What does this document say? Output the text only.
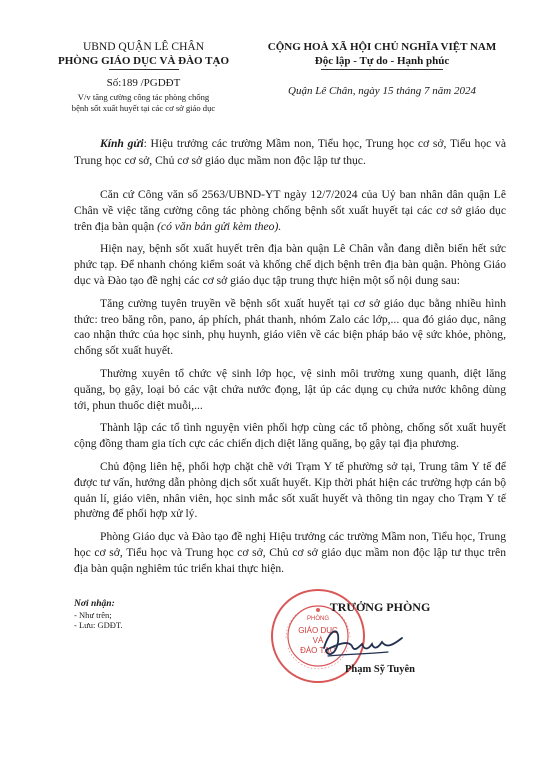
UBND QUẬN LÊ CHÂN
PHÒNG GIÁO DỤC VÀ ĐÀO TẠO
Số:189 /PGDĐT
V/v tăng cường công tác phòng chống
bệnh sốt xuất huyết tại các cơ sở giáo dục
CỘNG HOÀ XÃ HỘI CHỦ NGHĨA VIỆT NAM
Độc lập - Tự do - Hạnh phúc
Quận Lê Chân, ngày 15 tháng 7 năm 2024
Kính gửi: Hiệu trưởng các trường Mầm non, Tiểu học, Trung học cơ sở, Tiểu học và Trung học cơ sở, Chủ cơ sở giáo dục mầm non độc lập tư thục.

Căn cứ Công văn số 2563/UBND-YT ngày 12/7/2024 của Uỷ ban nhân dân quận Lê Chân về việc tăng cường công tác phòng chống bệnh sốt xuất huyết tại các cơ sở giáo dục trên địa bàn quận (có văn bản gửi kèm theo).

Hiện nay, bệnh sốt xuất huyết trên địa bàn quận Lê Chân vẫn đang diễn biến hết sức phức tạp. Để nhanh chóng kiểm soát và khống chế dịch bệnh trên địa bàn quận. Phòng Giáo dục và Đào tạo đề nghị các cơ sở giáo dục tập trung thực hiện một số nội dung sau:

Tăng cường tuyên truyền về bệnh sốt xuất huyết tại cơ sở giáo dục bằng nhiều hình thức: treo băng rôn, pano, áp phích, phát thanh, nhóm Zalo các lớp,... qua đó giáo dục, nâng cao nhận thức của học sinh, phụ huynh, giáo viên về các biện pháp bảo vệ sức khỏe, phòng, chống sốt xuất huyết.

Thường xuyên tổ chức vệ sinh lớp học, vệ sinh môi trường xung quanh, diệt lăng quăng, bọ gậy, loại bỏ các vật chứa nước đọng, lật úp các dụng cụ chứa nước không dùng tới, phun thuốc diệt muỗi,...

Thành lập các tổ tình nguyện viên phối hợp cùng các tổ phòng, chống sốt xuất huyết cộng đồng tham gia tích cực các chiến dịch diệt lăng quăng, bọ gậy tại địa phương.

Chủ động liên hệ, phối hợp chặt chẽ với Trạm Y tế phường sở tại, Trung tâm Y tế để được tư vấn, hướng dẫn phòng dịch sốt xuất huyết. Kịp thời phát hiện các trường hợp cán bộ quản lí, giáo viên, nhân viên, học sinh mắc sốt xuất huyết và thông tin ngay cho Trạm Y tế phường để phối hợp xử lý.

Phòng Giáo dục và Đào tạo đề nghị Hiệu trưởng các trường Mầm non, Tiểu học, Trung học cơ sở, Tiểu học và Trung học cơ sở, Chủ cơ sở giáo dục mầm non độc lập tư thục trên địa bàn quận nghiêm túc triển khai thực hiện.

Nơi nhận:
- Như trên;
- Lưu: GDĐT.
PHÒNG
GIÁO DỤC
VÀ
ĐÀO TẠO
TRƯỞNG PHÒNG
Phạm Sỹ Tuyên
